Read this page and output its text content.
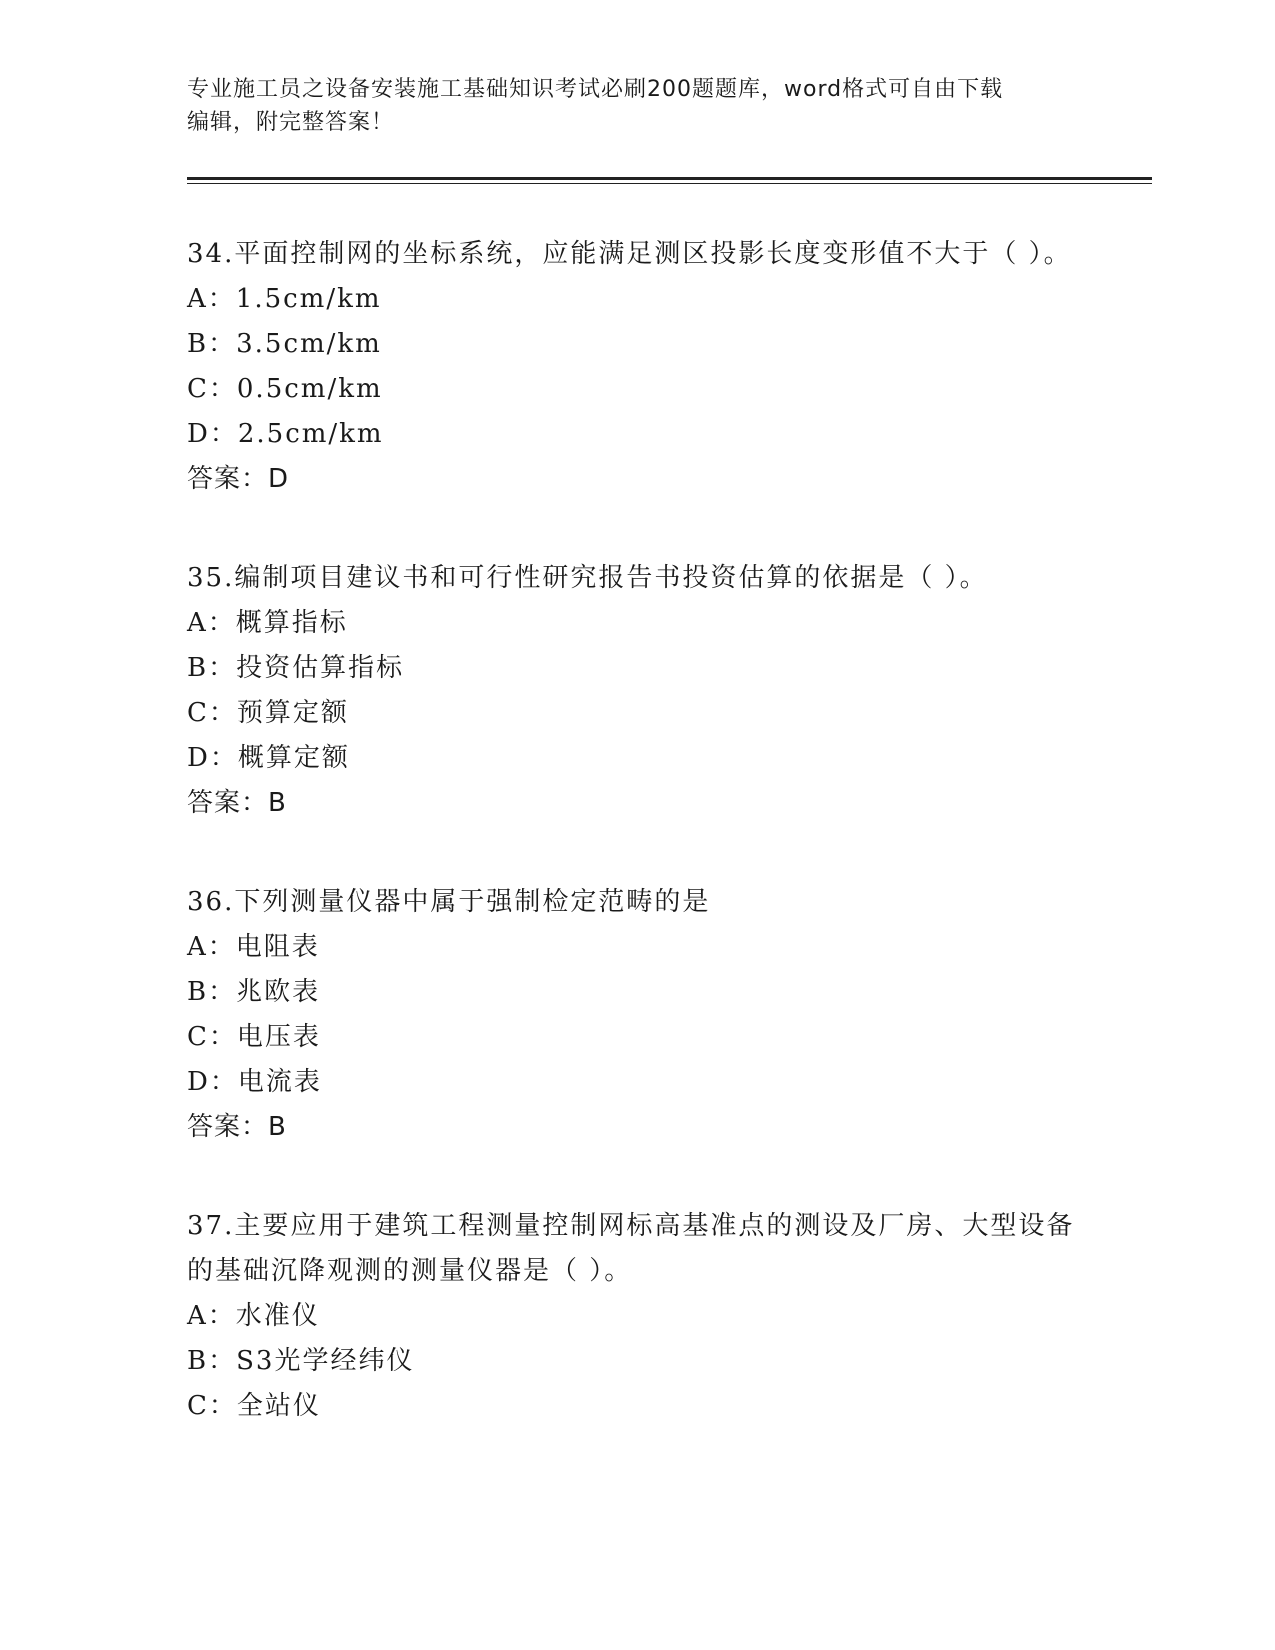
专业施工员之设备安装施工基础知识考试必刷200题题库，word格式可自由下载
编辑，附完整答案！
34.平面控制网的坐标系统，应能满足测区投影长度变形值不大于（ ）。
A：1.5cm/km
B：3.5cm/km
C：0.5cm/km
D：2.5cm/km
答案：D
35.编制项目建议书和可行性研究报告书投资估算的依据是（ ）。
A：概算指标
B：投资估算指标
C：预算定额
D：概算定额
答案：B
36.下列测量仪器中属于强制检定范畴的是
A：电阻表
B：兆欧表
C：电压表
D：电流表
答案：B
37.主要应用于建筑工程测量控制网标高基准点的测设及厂房、大型设备的基础沉降观测的测量仪器是（ ）。
A：水准仪
B：S3光学经纬仪
C：全站仪
